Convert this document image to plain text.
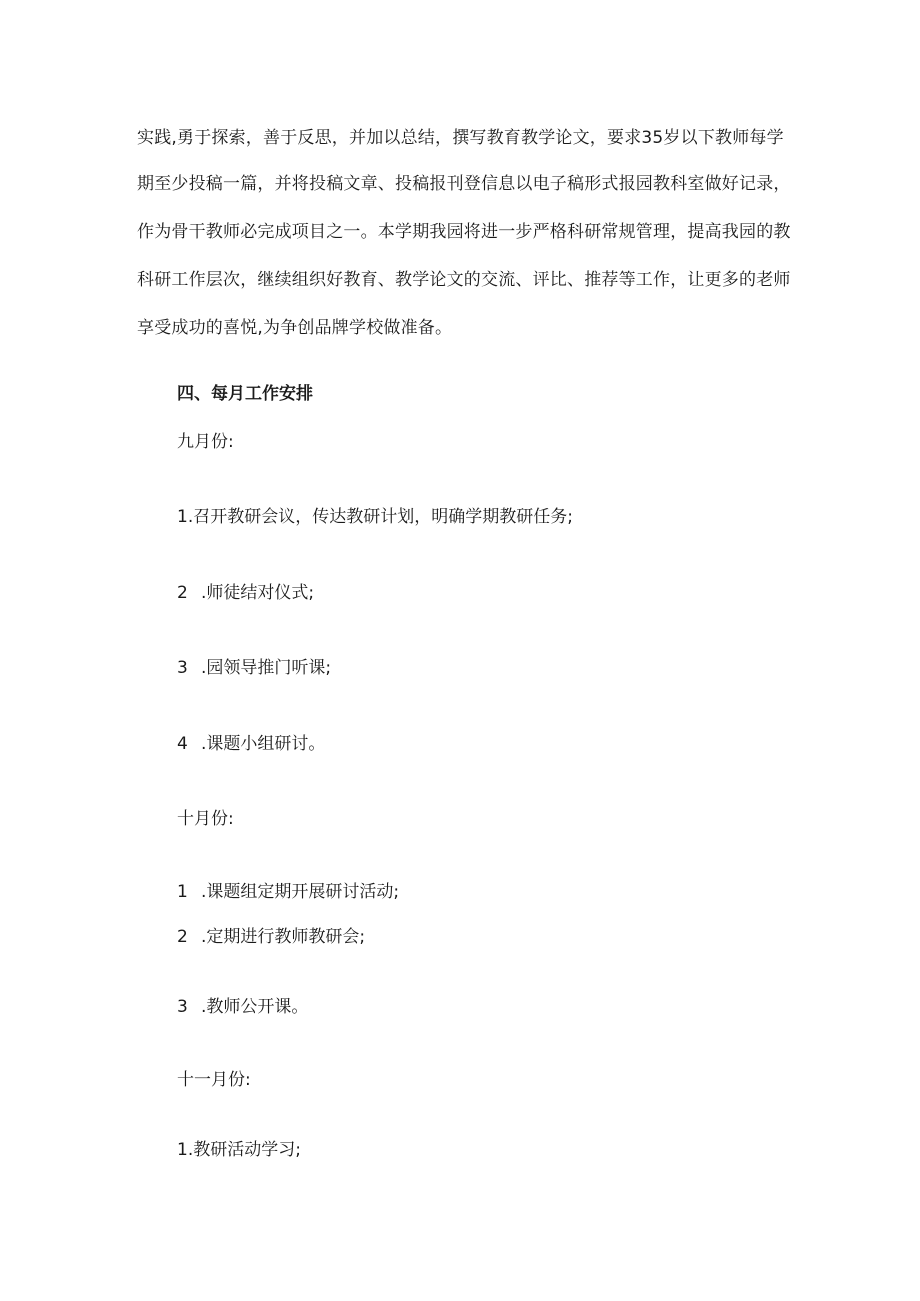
实践,勇于探索，善于反思，并加以总结，撰写教育教学论文，要求35岁以下教师每学
期至少投稿一篇，并将投稿文章、投稿报刊登信息以电子稿形式报园教科室做好记录，
作为骨干教师必完成项目之一。本学期我园将进一步严格科研常规管理，提高我园的教
科研工作层次，继续组织好教育、教学论文的交流、评比、推荐等工作，让更多的老师
享受成功的喜悦,为争创品牌学校做准备。
四、每月工作安排
九月份:
1.召开教研会议，传达教研计划，明确学期教研任务;
2 .师徒结对仪式;
3 .园领导推门听课;
4 .课题小组研讨。
十月份:
1 .课题组定期开展研讨活动;
2 .定期进行教师教研会;
3 .教师公开课。
十一月份:
1.教研活动学习;
